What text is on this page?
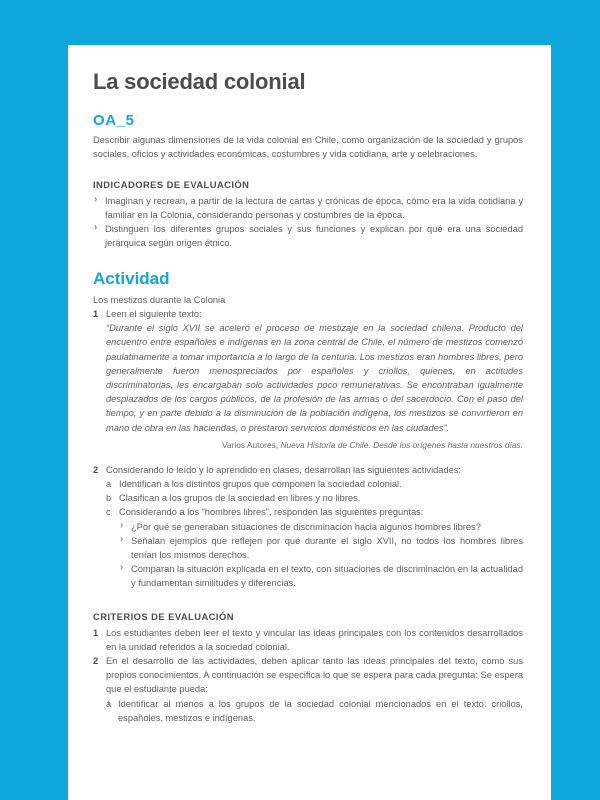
La sociedad colonial
OA_5

Describir algunas dimensiones de la vida colonial en Chile, como organización de la sociedad y grupos sociales, oficios y actividades económicas, costumbres y vida cotidiana, arte y celebraciones.

INDICADORES DE EVALUACIÓN
› Imaginan y recrean, a partir de la lectura de cartas y crónicas de época, cómo era la vida cotidiana y familiar en la Colonia, considerando personas y costumbres de la época.
› Distinguen los diferentes grupos sociales y sus funciones y explican por qué era una sociedad jerárquica según origen étnico.
Actividad

Los mestizos durante la Colonia

1 Leen el siguiente texto:
“Durante el siglo XVII se aceleró el proceso de mestizaje en la sociedad chilena. Producto del encuentro entre españoles e indígenas en la zona central de Chile, el número de mestizos comenzó paulatinamente a tomar importancia a lo largo de la centuria. Los mestizos eran hombres libres, pero generalmente fueron menospreciados por españoles y criollos, quienes, en actitudes discriminatorias, les encargaban solo actividades poco remunerativas. Se encontraban igualmente desplazados de los cargos públicos, de la profesión de las armas o del sacerdocio. Con el paso del tiempo, y en parte debido a la disminución de la población indígena, los mestizos se convirtieron en mano de obra en las haciendas, o prestaron servicios domésticos en las ciudades”.
Varios Autores, Nueva Historia de Chile. Desde los orígenes hasta nuestros días.
2 Considerando lo leído y lo aprendido en clases, desarrollan las siguientes actividades:
a Identifican a los distintos grupos que componen la sociedad colonial.
b Clasifican a los grupos de la sociedad en libres y no libres.
c Considerando a los “hombres libres”, responden las siguientes preguntas:
› ¿Por qué se generaban situaciones de discriminación hacia algunos hombres libres?
› Señalan ejemplos que reflejen por qué durante el siglo XVII, no todos los hombres libres tenían los mismos derechos.
› Comparan la situación explicada en el texto, con situaciones de discriminación en la actualidad y fundamentan similitudes y diferencias.
CRITERIOS DE EVALUACIÓN
1 Los estudiantes deben leer el texto y vincular las ideas principales con los contenidos desarrollados en la unidad referidos a la sociedad colonial.
2 En el desarrollo de las actividades, deben aplicar tanto las ideas principales del texto, como sus propios conocimientos. A continuación se especifica lo que se espera para cada pregunta: Se espera que el estudiante pueda:
a › Identificar al menos a los grupos de la sociedad colonial mencionados en el texto: criollos, españoles, mestizos e indígenas.
